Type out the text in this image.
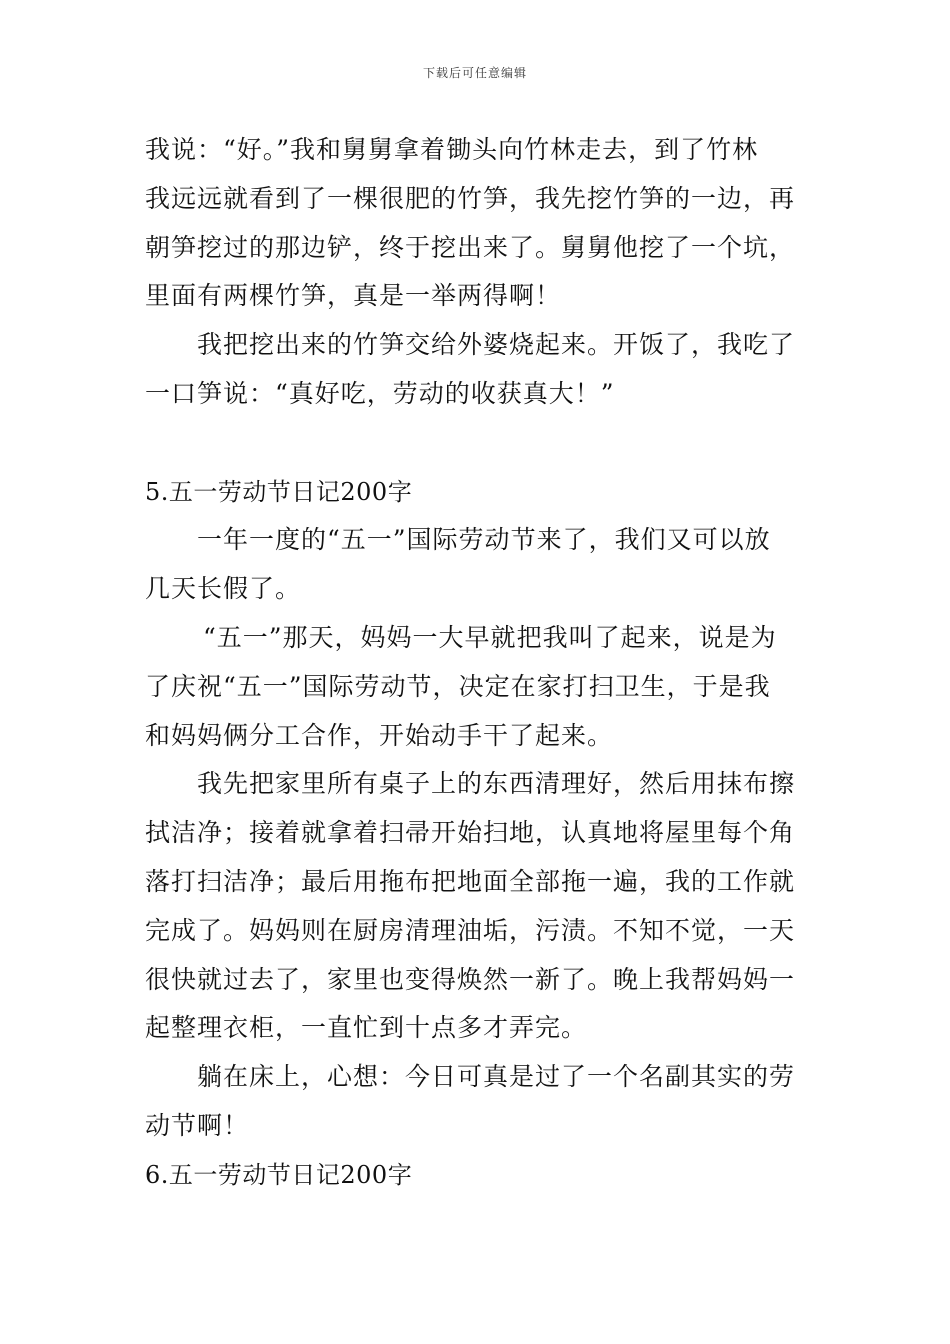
下载后可任意编辑
我说：“好。”我和舅舅拿着锄头向竹林走去，到了竹林
我远远就看到了一棵很肥的竹笋，我先挖竹笋的一边，再
朝笋挖过的那边铲，终于挖出来了。舅舅他挖了一个坑，
里面有两棵竹笋，真是一举两得啊！
我把挖出来的竹笋交给外婆烧起来。开饭了，我吃了
一口笋说：“真好吃，劳动的收获真大！”
5.五一劳动节日记200字
一年一度的“五一”国际劳动节来了，我们又可以放
几天长假了。
“五一”那天，妈妈一大早就把我叫了起来，说是为
了庆祝“五一”国际劳动节，决定在家打扫卫生，于是我
和妈妈俩分工合作，开始动手干了起来。
我先把家里所有桌子上的东西清理好，然后用抹布擦
拭洁净；接着就拿着扫帚开始扫地，认真地将屋里每个角
落打扫洁净；最后用拖布把地面全部拖一遍，我的工作就
完成了。妈妈则在厨房清理油垢，污渍。不知不觉，一天
很快就过去了，家里也变得焕然一新了。晚上我帮妈妈一
起整理衣柜，一直忙到十点多才弄完。
躺在床上，心想：今日可真是过了一个名副其实的劳
动节啊！
6.五一劳动节日记200字
